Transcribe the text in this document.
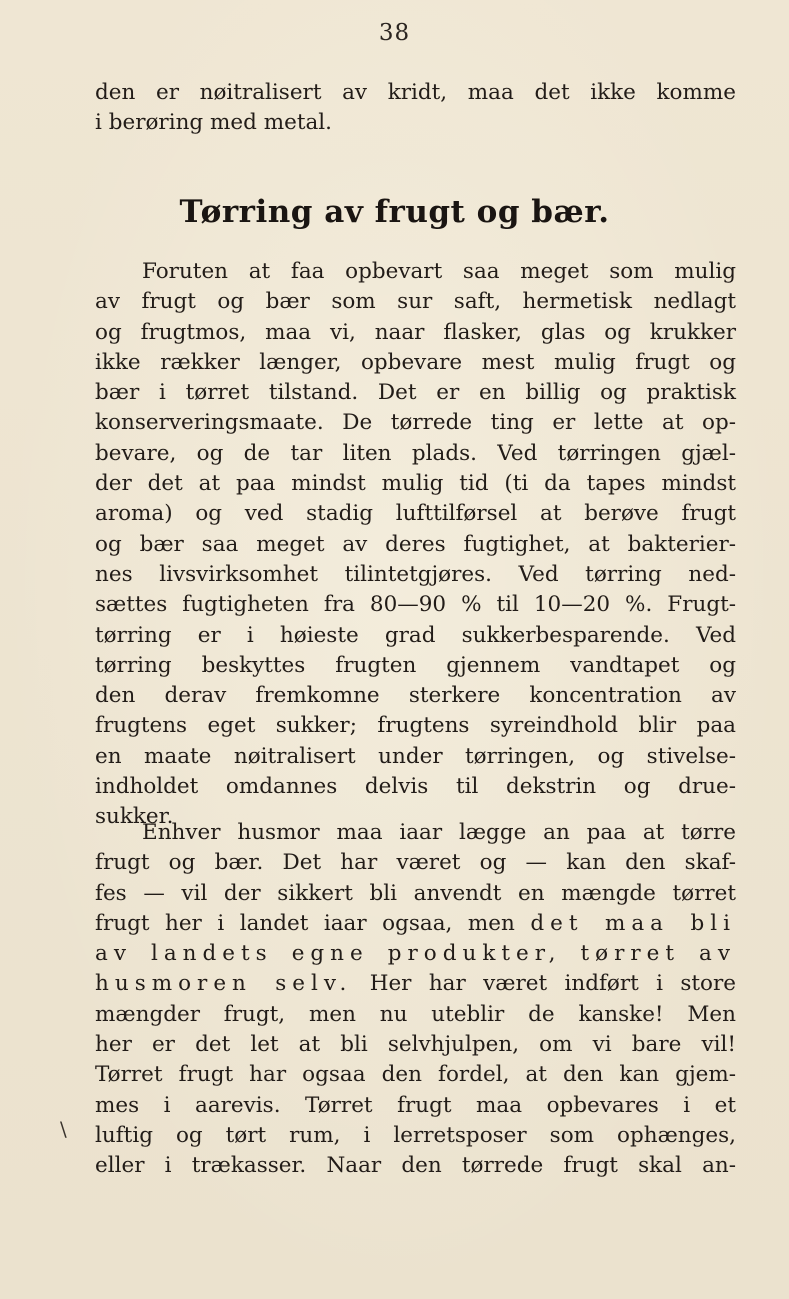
38
den er nøitralisert av kridt, maa det ikke komme
i berøring med metal.
Tørring av frugt og bær.
Foruten at faa opbevart saa meget som mulig
av frugt og bær som sur saft, hermetisk nedlagt
og frugtmos, maa vi, naar flasker, glas og krukker
ikke rækker længer, opbevare mest mulig frugt og
bær i tørret tilstand. Det er en billig og praktisk
konserveringsmaate. De tørrede ting er lette at op-
bevare, og de tar liten plads. Ved tørringen gjæl-
der det at paa mindst mulig tid (ti da tapes mindst
aroma) og ved stadig lufttilførsel at berøve frugt
og bær saa meget av deres fugtighet, at bakterier-
nes livsvirksomhet tilintetgjøres. Ved tørring ned-
sættes fugtigheten fra 80—90 % til 10—20 %. Frugt-
tørring er i høieste grad sukkerbesparende. Ved
tørring beskyttes frugten gjennem vandtapet og
den derav fremkomne sterkere koncentration av
frugtens eget sukker; frugtens syreindhold blir paa
en maate nøitralisert under tørringen, og stivelse-
indholdet omdannes delvis til dekstrin og drue-
sukker.
Enhver husmor maa iaar lægge an paa at tørre
frugt og bær. Det har været og — kan den skaf-
fes — vil der sikkert bli anvendt en mængde tørret
frugt her i landet iaar ogsaa, men det maa bli
av landets egne produkter, tørret av
husmoren selv. Her har været indført i store
mængder frugt, men nu uteblir de kanske! Men
her er det let at bli selvhjulpen, om vi bare vil!
Tørret frugt har ogsaa den fordel, at den kan gjem-
mes i aarevis. Tørret frugt maa opbevares i et
luftig og tørt rum, i lerretsposer som ophænges,
eller i trækasser. Naar den tørrede frugt skal an-
\
